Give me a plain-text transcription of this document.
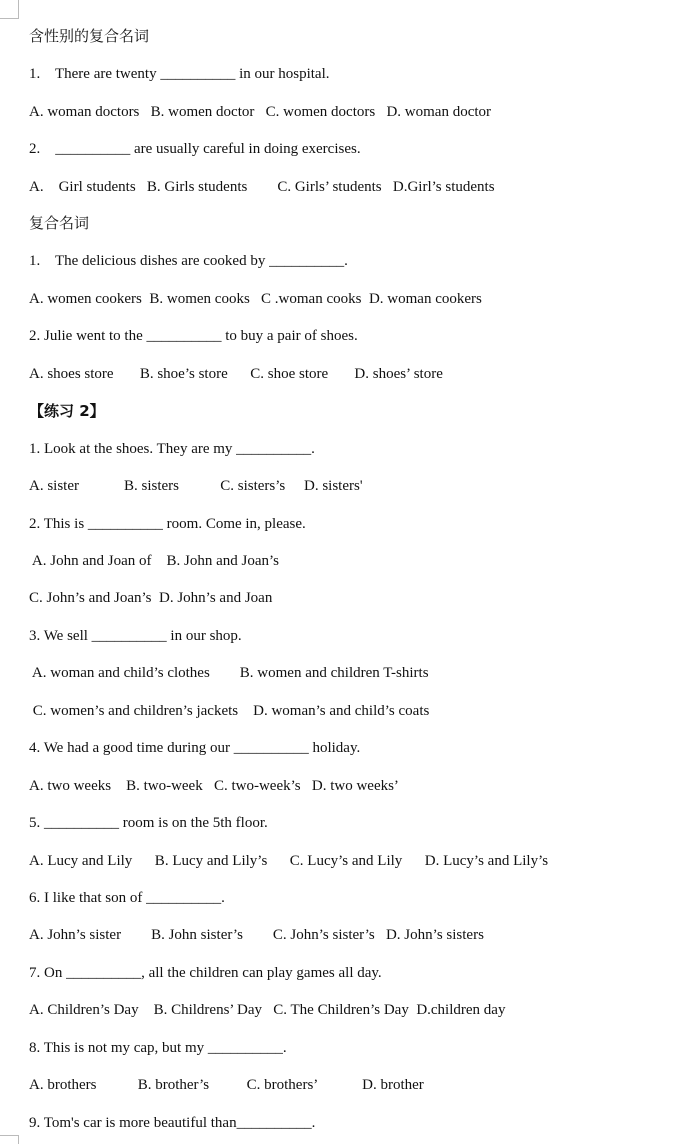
含性别的复合名词
1.    There are twenty __________ in our hospital.
A. woman doctors   B. women doctor   C. women doctors   D. woman doctor
2.    __________ are usually careful in doing exercises.
A.    Girl students   B. Girls students        C. Girls’ students   D.Girl’s students
复合名词
1.    The delicious dishes are cooked by __________.
A. women cookers  B. women cooks   C .woman cooks  D. woman cookers
2. Julie went to the __________ to buy a pair of shoes.
A. shoes store       B. shoe’s store      C. shoe store       D. shoes’ store
【练习 2】
1. Look at the shoes. They are my __________.
A. sister            B. sisters           C. sisters’s     D. sisters'
2. This is __________ room. Come in, please.
A. John and Joan of    B. John and Joan’s
C. John’s and Joan’s  D. John’s and Joan
3. We sell __________ in our shop.
A. woman and child’s clothes        B. women and children T-shirts
C. women’s and children’s jackets    D. woman’s and child’s coats
4. We had a good time during our __________ holiday.
A. two weeks    B. two-week   C. two-week’s   D. two weeks’
5. __________ room is on the 5th floor.
A. Lucy and Lily      B. Lucy and Lily’s      C. Lucy’s and Lily      D. Lucy’s and Lily’s
6. I like that son of __________.
A. John’s sister        B. John sister’s        C. John’s sister’s   D. John’s sisters
7. On __________, all the children can play games all day.
A. Children’s Day    B. Childrens’ Day   C. The Children’s Day  D.children day
8. This is not my cap, but my __________.
A. brothers           B. brother’s          C. brothers’            D. brother
9. Tom's car is more beautiful than__________.
